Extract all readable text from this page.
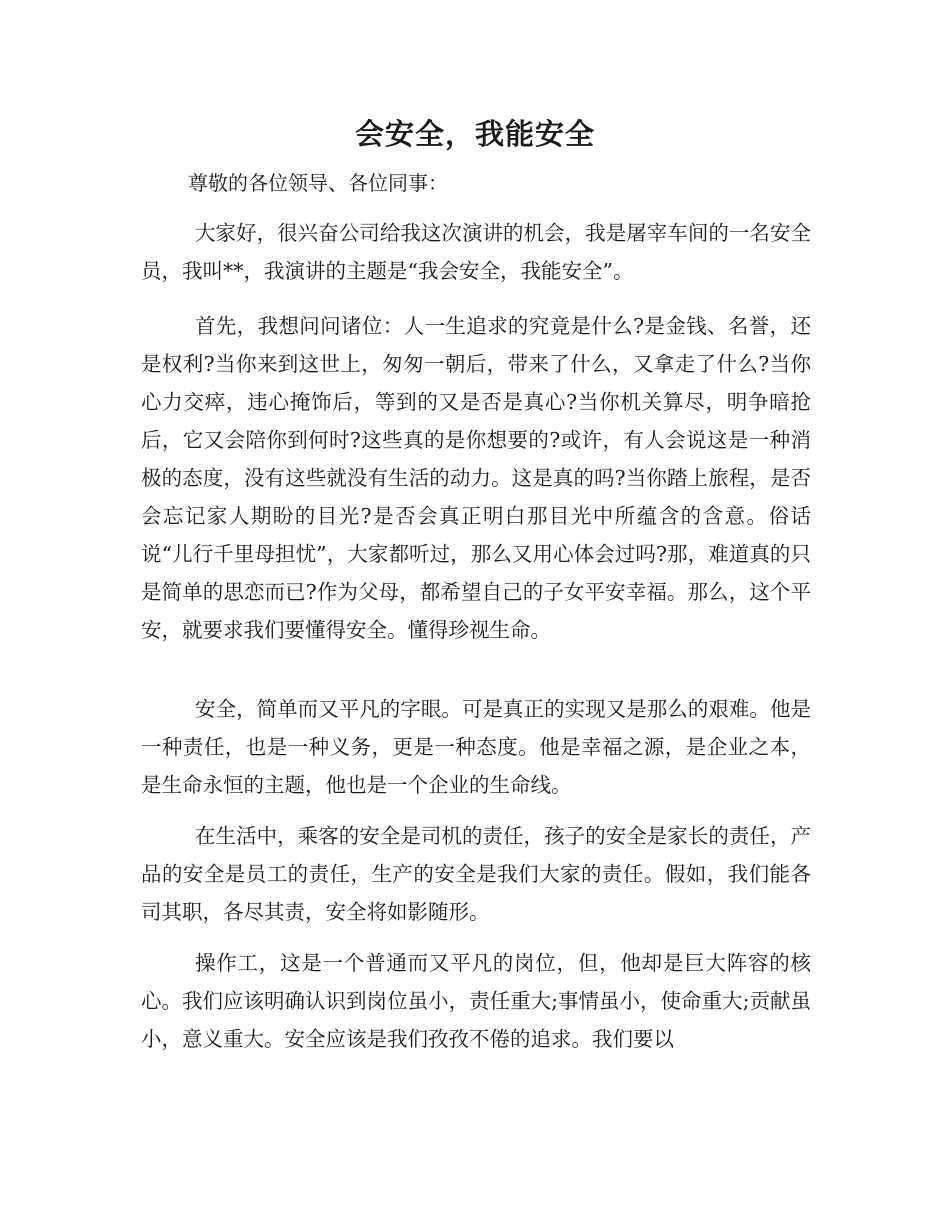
会安全，我能安全
尊敬的各位领导、各位同事：

大家好，很兴奋公司给我这次演讲的机会，我是屠宰车间的一名安全员，我叫**，我演讲的主题是“我会安全，我能安全”。

首先，我想问问诸位：人一生追求的究竟是什么?是金钱、名誉，还是权利?当你来到这世上，匆匆一朝后，带来了什么，又拿走了什么?当你心力交瘁，违心掩饰后，等到的又是否是真心?当你机关算尽，明争暗抢后，它又会陪你到何时?这些真的是你想要的?或许，有人会说这是一种消极的态度，没有这些就没有生活的动力。这是真的吗?当你踏上旅程，是否会忘记家人期盼的目光?是否会真正明白那目光中所蕴含的含意。俗话说“儿行千里母担忧”，大家都听过，那么又用心体会过吗?那，难道真的只是简单的思恋而已?作为父母，都希望自己的子女平安幸福。那么，这个平安，就要求我们要懂得安全。懂得珍视生命。

安全，简单而又平凡的字眼。可是真正的实现又是那么的艰难。他是一种责任，也是一种义务，更是一种态度。他是幸福之源，是企业之本，是生命永恒的主题，他也是一个企业的生命线。

在生活中，乘客的安全是司机的责任，孩子的安全是家长的责任，产品的安全是员工的责任，生产的安全是我们大家的责任。假如，我们能各司其职，各尽其责，安全将如影随形。

操作工，这是一个普通而又平凡的岗位，但，他却是巨大阵容的核心。我们应该明确认识到岗位虽小，责任重大;事情虽小，使命重大;贡献虽小，意义重大。安全应该是我们孜孜不倦的追求。我们要以
